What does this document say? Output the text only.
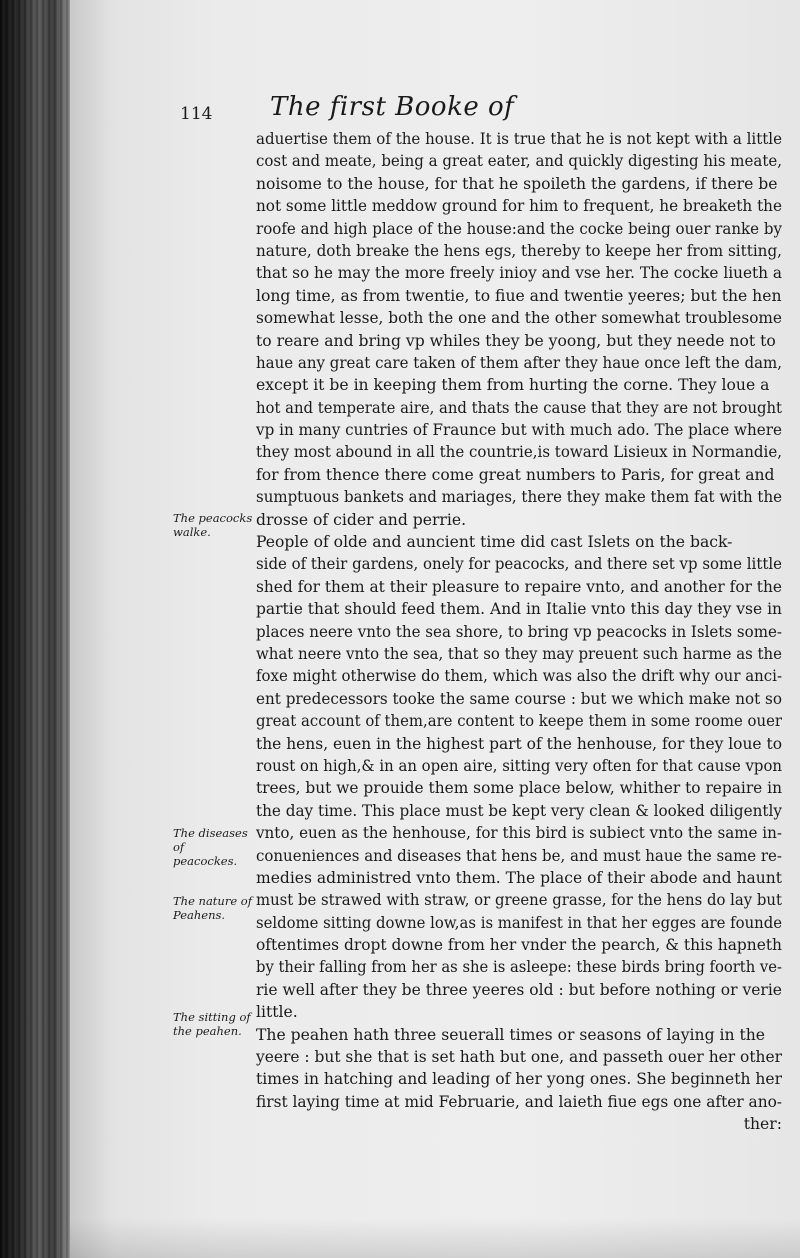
114 The first Booke of
The peacocks
walke.
The diseases of
peacockes.
The nature of
Peahens.
The sitting of
the peahen.
aduertise them of the house. It is true that he is not kept with a little
cost and meate, being a great eater, and quickly digesting his meate,
noisome to the house, for that he spoileth the gardens, if there be
not some little meddow ground for him to frequent, he breaketh the
roofe and high place of the house:and the cocke being ouer ranke by
nature, doth breake the hens egs, thereby to keepe her from sitting,
that so he may the more freely inioy and vse her. The cocke liueth a
long time, as from twentie, to fiue and twentie yeeres; but the hen
somewhat lesse, both the one and the other somewhat troublesome
to reare and bring vp whiles they be yoong, but they neede not to
haue any great care taken of them after they haue once left the dam,
except it be in keeping them from hurting the corne. They loue a
hot and temperate aire, and thats the cause that they are not brought
vp in many cuntries of Fraunce but with much ado. The place where
they most abound in all the countrie,is toward Lisieux in Normandie,
for from thence there come great numbers to Paris, for great and
sumptuous bankets and mariages, there they make them fat with the
drosse of cider and perrie.
People of olde and auncient time did cast Islets on the back-
side of their gardens, onely for peacocks, and there set vp some little
shed for them at their pleasure to repaire vnto, and another for the
partie that should feed them. And in Italie vnto this day they vse in
places neere vnto the sea shore, to bring vp peacocks in Islets some-
what neere vnto the sea, that so they may preuent such harme as the
foxe might otherwise do them, which was also the drift why our anci-
ent predecessors tooke the same course : but we which make not so
great account of them,are content to keepe them in some roome ouer
the hens, euen in the highest part of the henhouse, for they loue to
roust on high,& in an open aire, sitting very often for that cause vpon
trees, but we prouide them some place below, whither to repaire in
the day time. This place must be kept very clean & looked diligently
vnto, euen as the henhouse, for this bird is subiect vnto the same in-
conueniences and diseases that hens be, and must haue the same re-
medies administred vnto them. The place of their abode and haunt
must be strawed with straw, or greene grasse, for the hens do lay but
seldome sitting downe low,as is manifest in that her egges are founde
oftentimes dropt downe from her vnder the pearch, & this hapneth
by their falling from her as she is asleepe: these birds bring foorth ve-
rie well after they be three yeeres old : but before nothing or verie
little.
The peahen hath three seuerall times or seasons of laying in the
yeere : but she that is set hath but one, and passeth ouer her other
times in hatching and leading of her yong ones. She beginneth her
first laying time at mid Februarie, and laieth fiue egs one after ano-
ther:
